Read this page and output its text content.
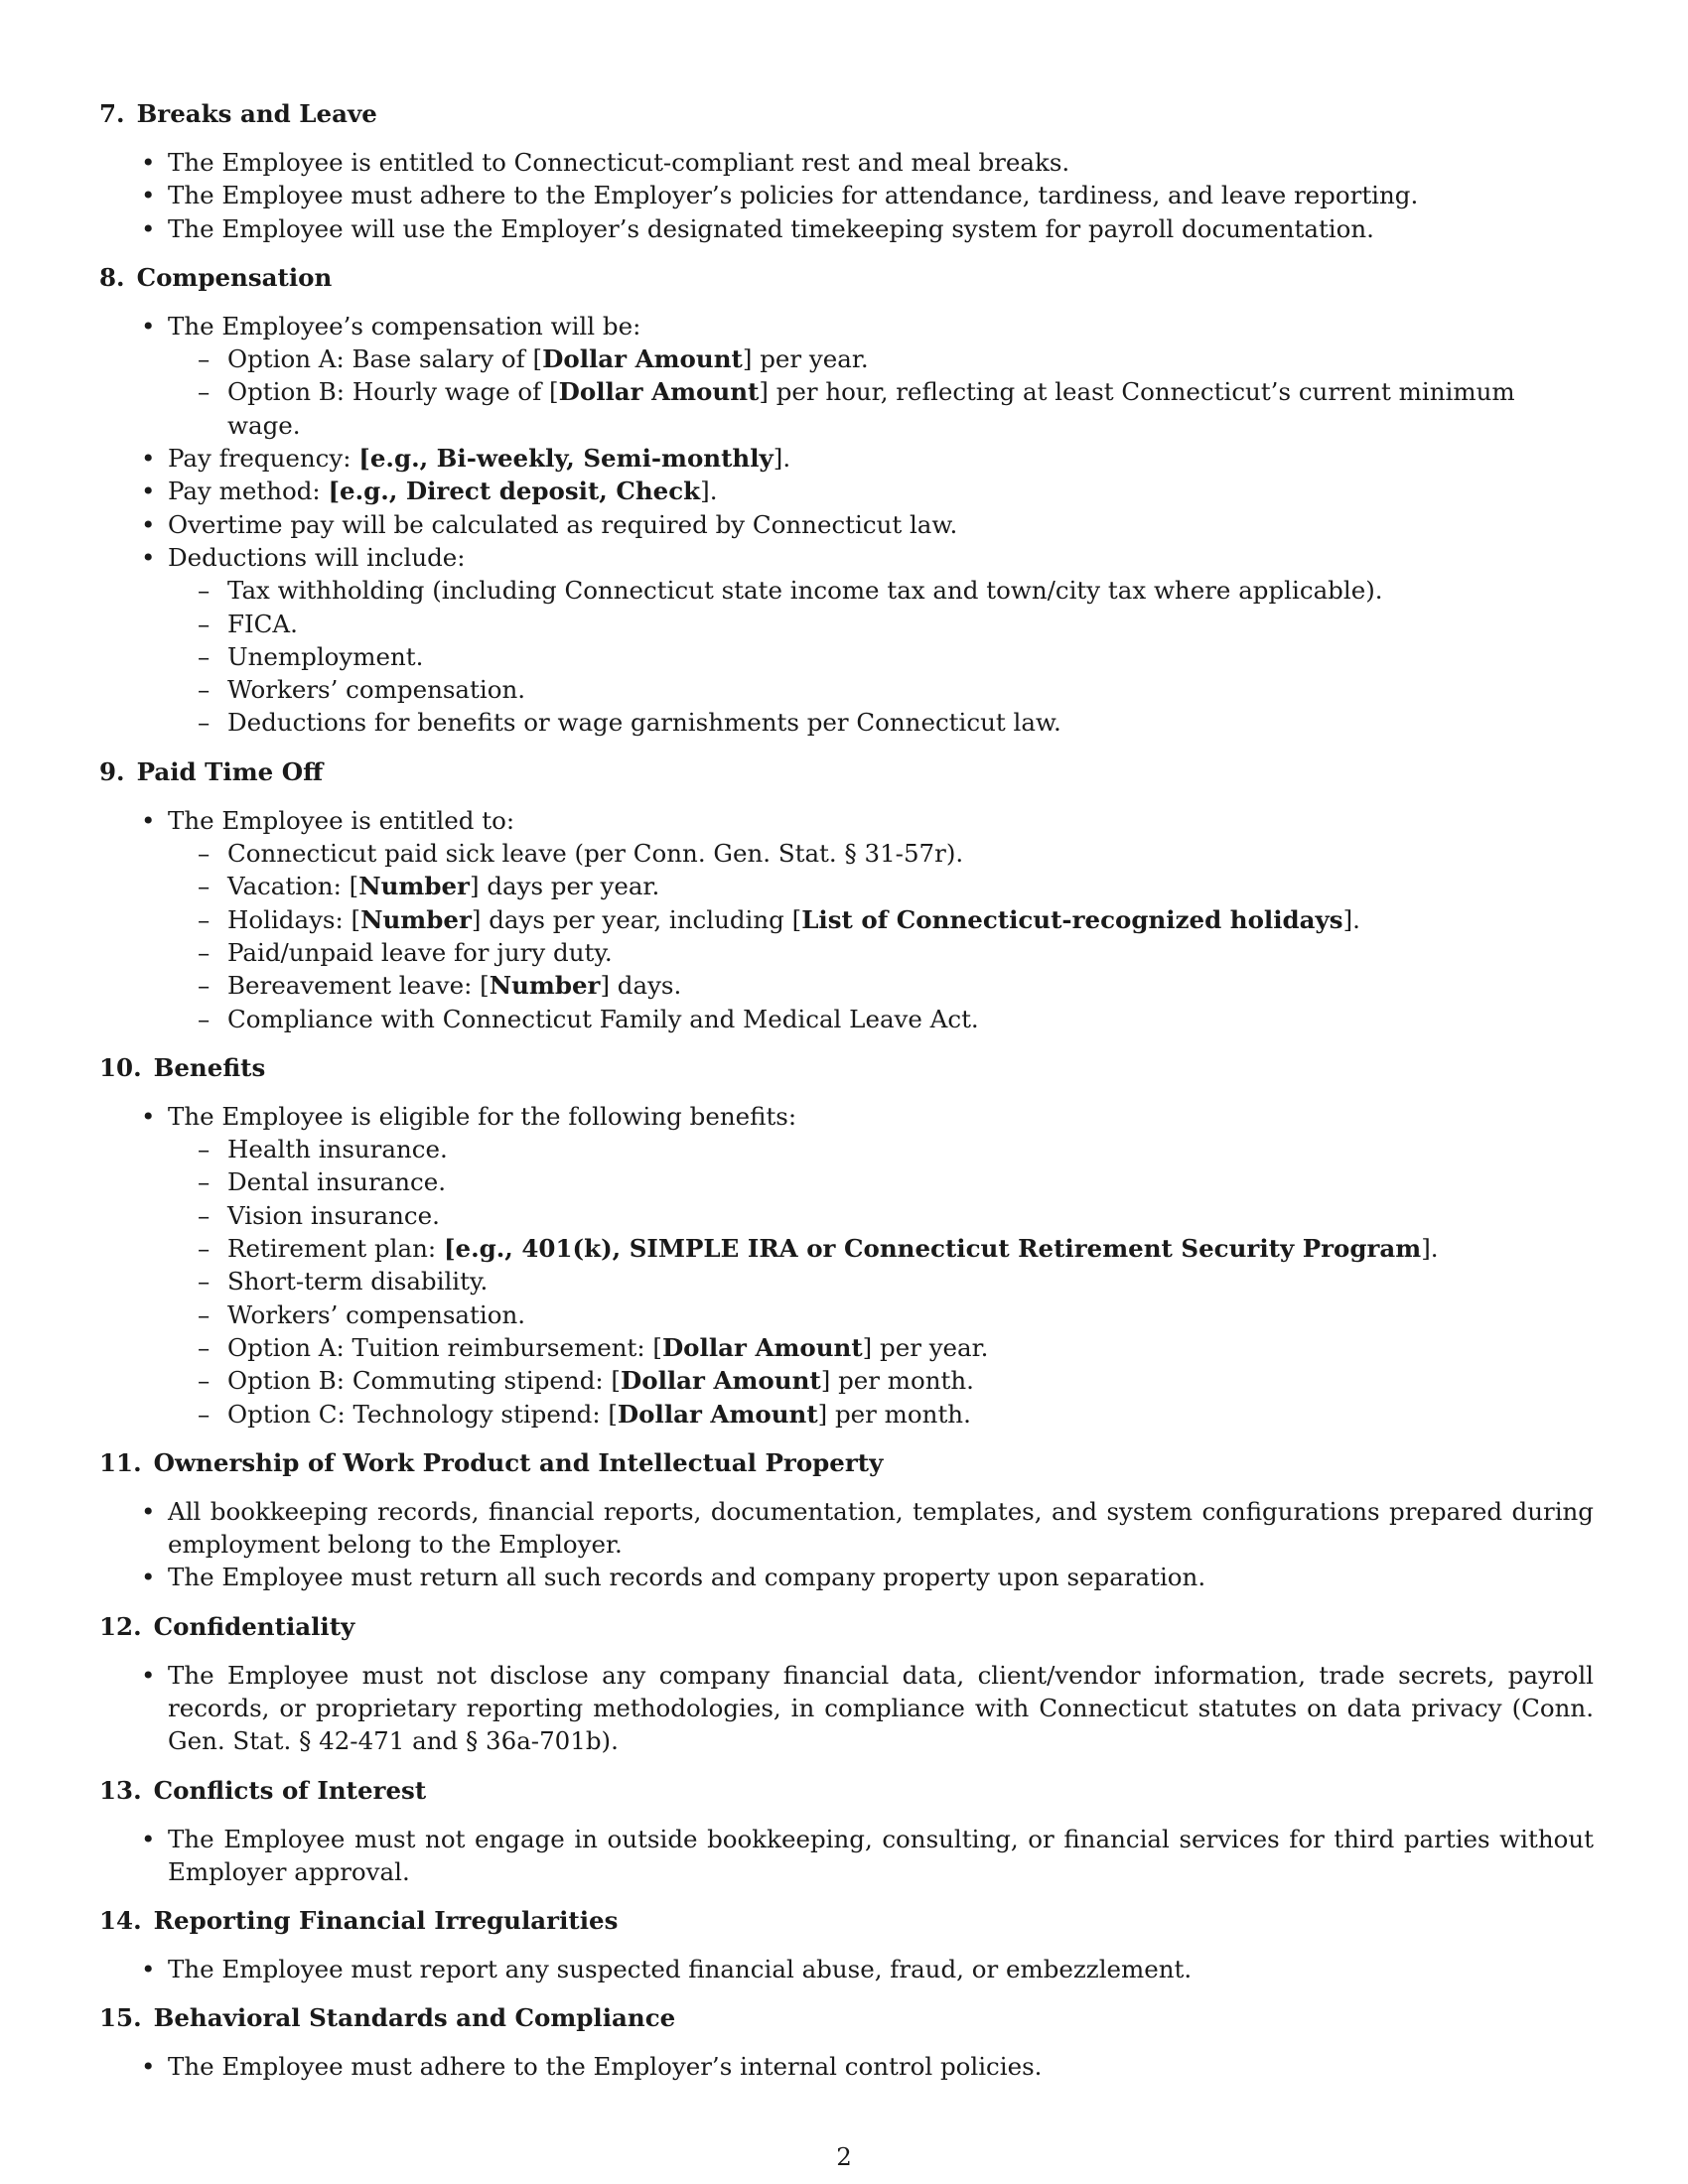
7. Breaks and Leave
• The Employee is entitled to Connecticut-compliant rest and meal breaks.
• The Employee must adhere to the Employer’s policies for attendance, tardiness, and leave reporting.
• The Employee will use the Employer’s designated timekeeping system for payroll documentation.
8. Compensation
• The Employee’s compensation will be:
– Option A: Base salary of [Dollar Amount] per year.
– Option B: Hourly wage of [Dollar Amount] per hour, reflecting at least Connecticut’s current minimum wage.
• Pay frequency: [e.g., Bi-weekly, Semi-monthly].
• Pay method: [e.g., Direct deposit, Check].
• Overtime pay will be calculated as required by Connecticut law.
• Deductions will include:
– Tax withholding (including Connecticut state income tax and town/city tax where applicable).
– FICA.
– Unemployment.
– Workers’ compensation.
– Deductions for benefits or wage garnishments per Connecticut law.
9. Paid Time Off
• The Employee is entitled to:
– Connecticut paid sick leave (per Conn. Gen. Stat. § 31-57r).
– Vacation: [Number] days per year.
– Holidays: [Number] days per year, including [List of Connecticut-recognized holidays].
– Paid/unpaid leave for jury duty.
– Bereavement leave: [Number] days.
– Compliance with Connecticut Family and Medical Leave Act.
10. Benefits
• The Employee is eligible for the following benefits:
– Health insurance.
– Dental insurance.
– Vision insurance.
– Retirement plan: [e.g., 401(k), SIMPLE IRA or Connecticut Retirement Security Program].
– Short-term disability.
– Workers’ compensation.
– Option A: Tuition reimbursement: [Dollar Amount] per year.
– Option B: Commuting stipend: [Dollar Amount] per month.
– Option C: Technology stipend: [Dollar Amount] per month.
11. Ownership of Work Product and Intellectual Property
• All bookkeeping records, financial reports, documentation, templates, and system configurations prepared during employment belong to the Employer.
• The Employee must return all such records and company property upon separation.
12. Confidentiality
• The Employee must not disclose any company financial data, client/vendor information, trade secrets, payroll records, or proprietary reporting methodologies, in compliance with Connecticut statutes on data privacy (Conn. Gen. Stat. § 42-471 and § 36a-701b).
13. Conflicts of Interest
• The Employee must not engage in outside bookkeeping, consulting, or financial services for third parties without Employer approval.
14. Reporting Financial Irregularities
• The Employee must report any suspected financial abuse, fraud, or embezzlement.
15. Behavioral Standards and Compliance
• The Employee must adhere to the Employer’s internal control policies.
2
